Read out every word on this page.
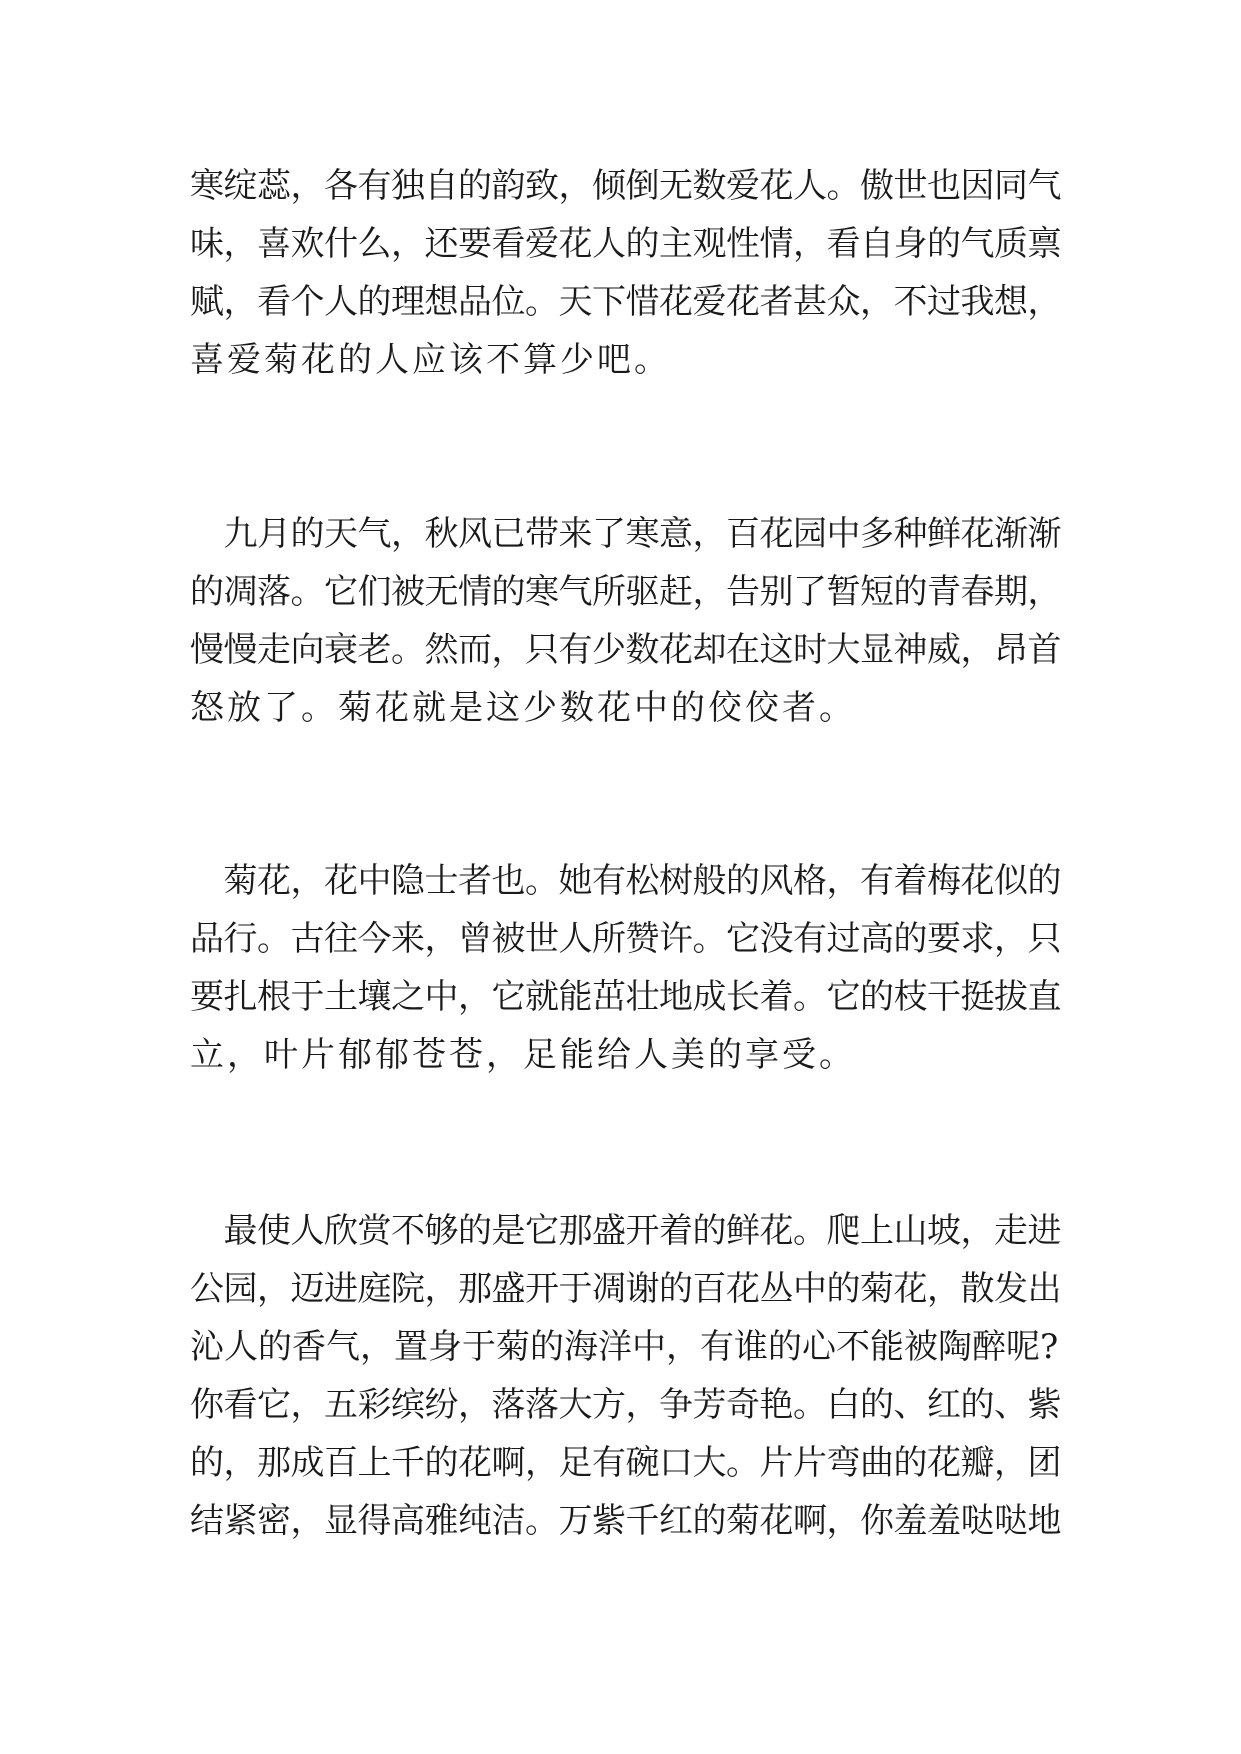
寒绽蕊，各有独自的韵致，倾倒无数爱花人。傲世也因同气
味，喜欢什么，还要看爱花人的主观性情，看自身的气质禀
赋，看个人的理想品位。天下惜花爱花者甚众，不过我想，
喜爱菊花的人应该不算少吧。
　九月的天气，秋风已带来了寒意，百花园中多种鲜花渐渐
的凋落。它们被无情的寒气所驱赶，告别了暂短的青春期，
慢慢走向衰老。然而，只有少数花却在这时大显神威，昂首
怒放了。菊花就是这少数花中的佼佼者。
　菊花，花中隐士者也。她有松树般的风格，有着梅花似的
品行。古往今来，曾被世人所赞许。它没有过高的要求，只
要扎根于土壤之中，它就能茁壮地成长着。它的枝干挺拔直
立，叶片郁郁苍苍，足能给人美的享受。
　最使人欣赏不够的是它那盛开着的鲜花。爬上山坡，走进
公园，迈进庭院，那盛开于凋谢的百花丛中的菊花，散发出
沁人的香气，置身于菊的海洋中，有谁的心不能被陶醉呢?
你看它，五彩缤纷，落落大方，争芳奇艳。白的、红的、紫
的，那成百上千的花啊，足有碗口大。片片弯曲的花瓣，团
结紧密，显得高雅纯洁。万紫千红的菊花啊，你羞羞哒哒地
